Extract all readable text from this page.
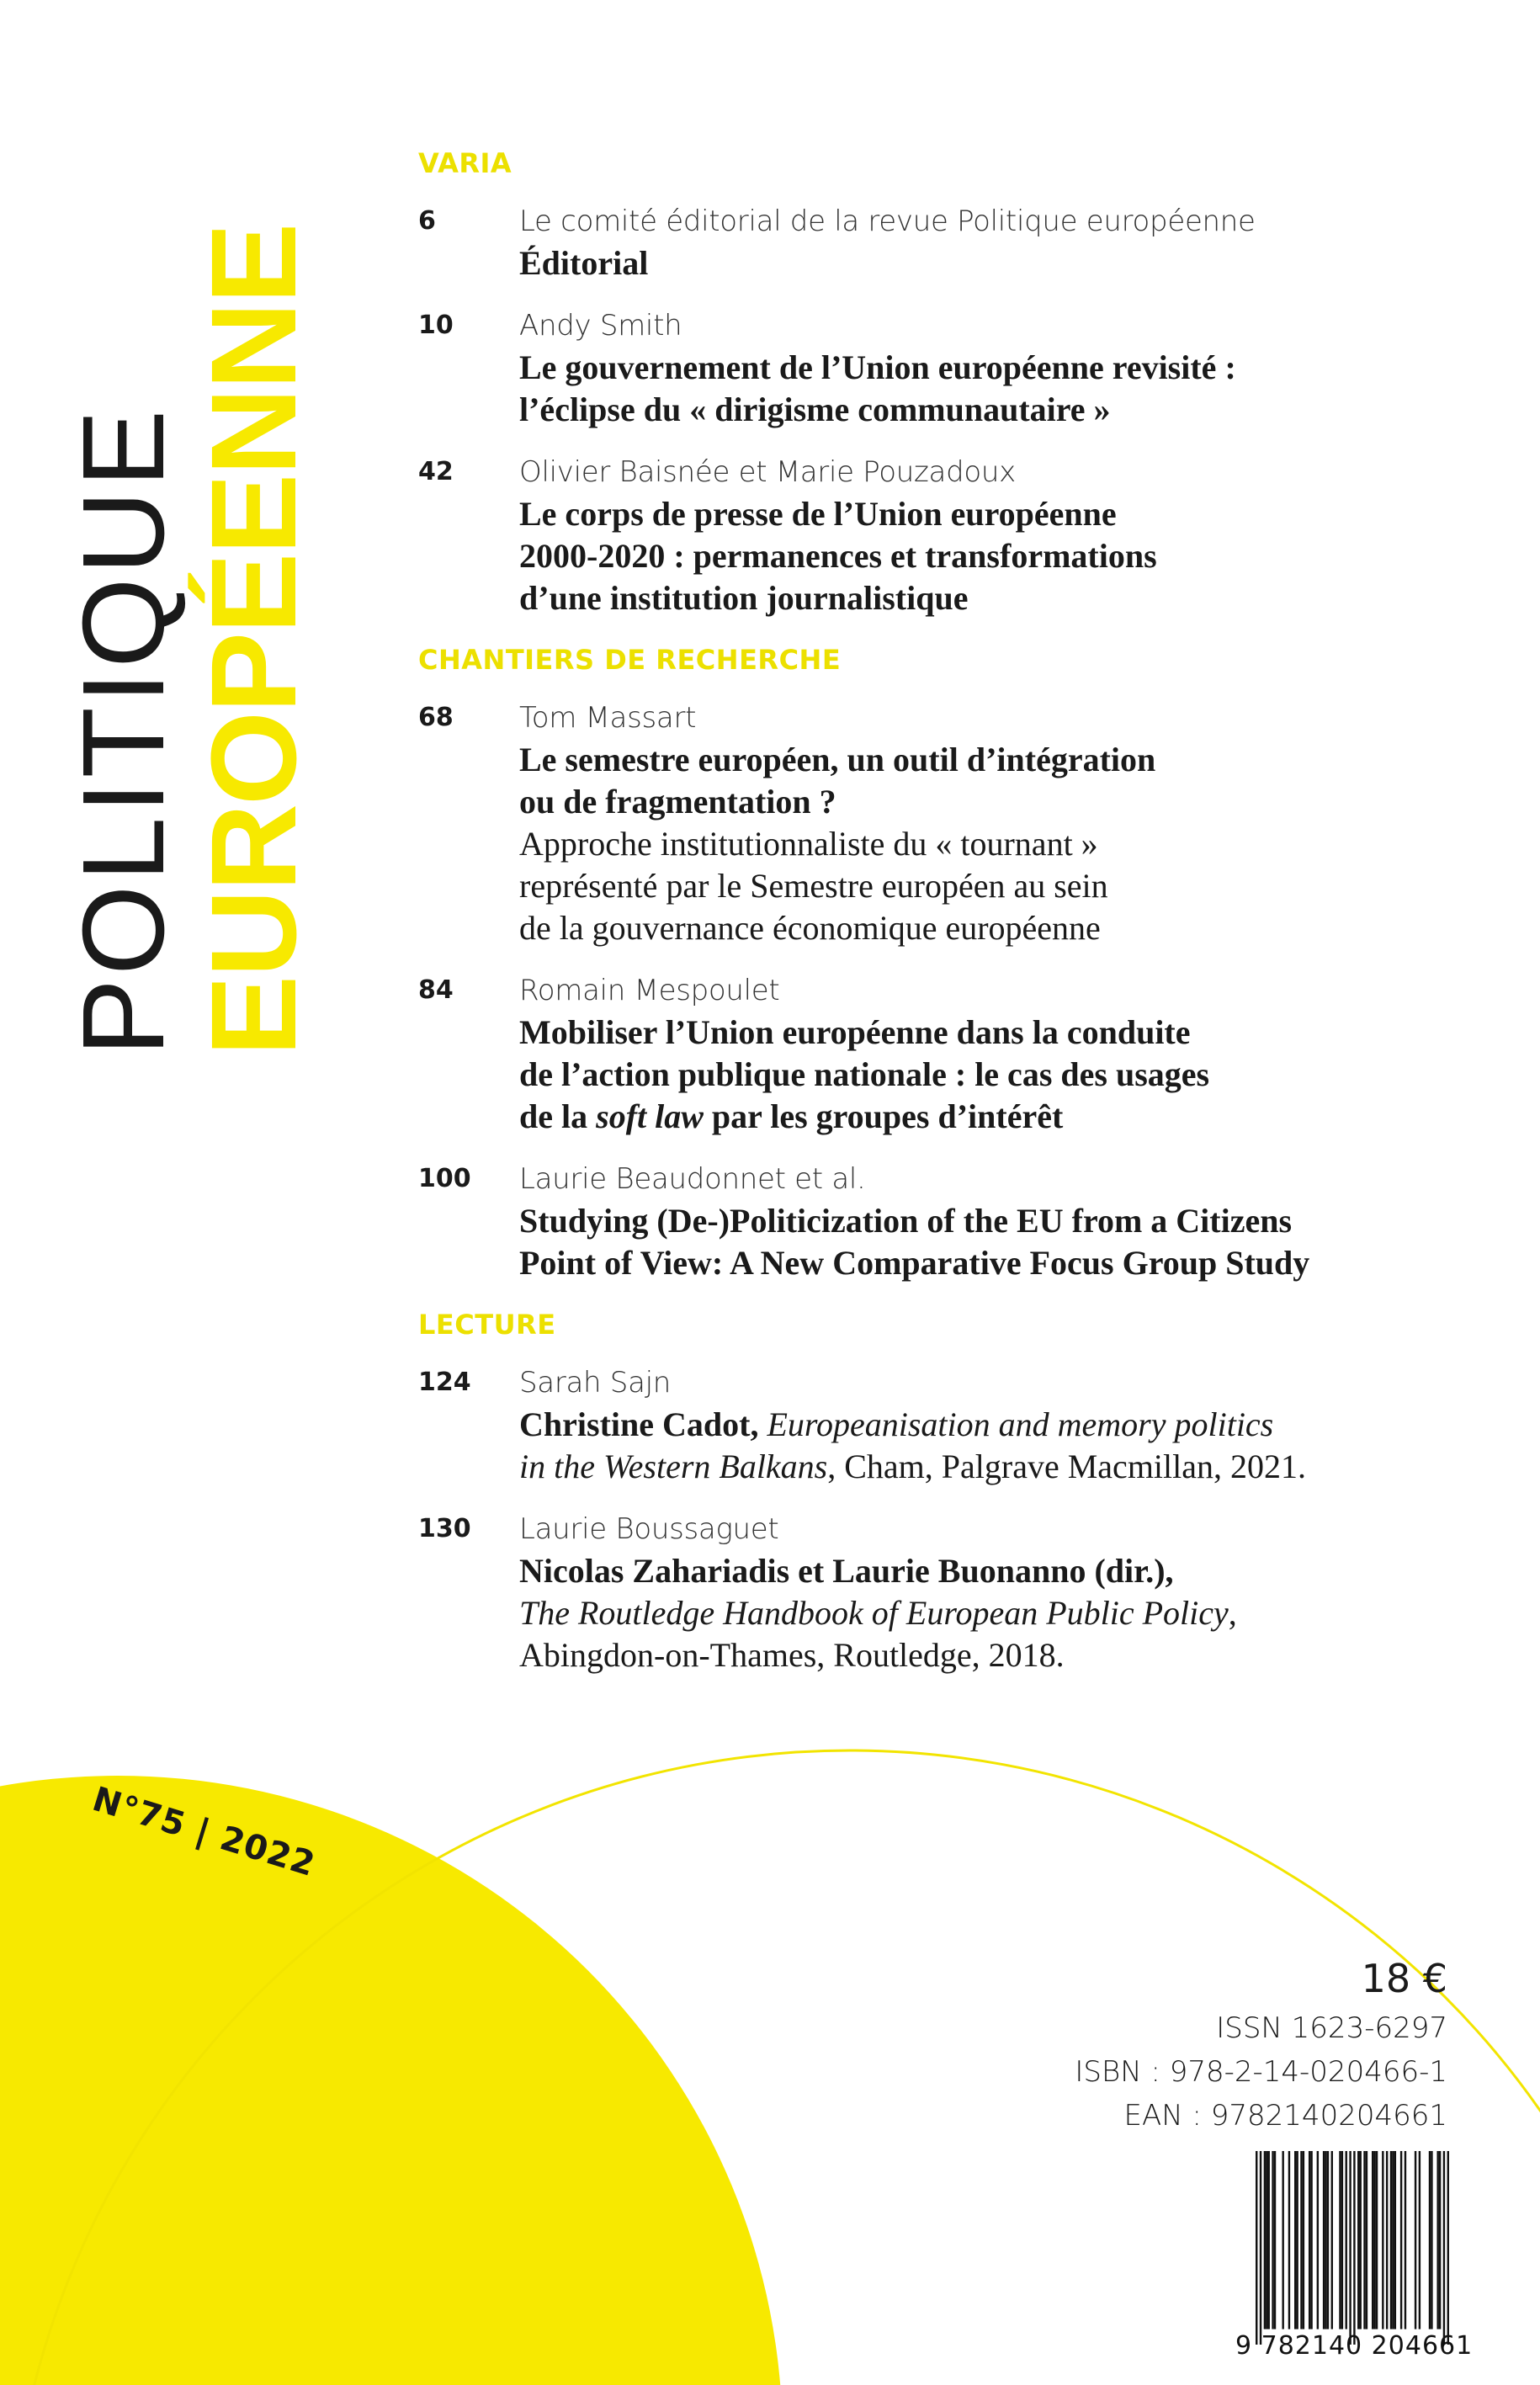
POLITIQUE
EUROPÉENNE
VARIA
6	Le comité éditorial de la revue Politique européenne
Éditorial
10 Andy Smith
Le gouvernement de l’Union européenne revisité :
l’éclipse du « dirigisme communautaire »
42 Olivier Baisnée et Marie Pouzadoux
Le corps de presse de l’Union européenne
2000-2020 : permanences et transformations
d’une institution journalistique
CHANTIERS DE RECHERCHE
68 Tom Massart
Le semestre européen, un outil d’intégration
ou de fragmentation ?
Approche institutionnaliste du « tournant »
représenté par le Semestre européen au sein
de la gouvernance économique européenne
84 Romain Mespoulet
Mobiliser l’Union européenne dans la conduite
de l’action publique nationale : le cas des usages
de la soft law par les groupes d’intérêt
100 Laurie Beaudonnet et al.
Studying (De-)Politicization of the EU from a Citizens
Point of View: A New Comparative Focus Group Study
LECTURE
124 Sarah Sajn
Christine Cadot, Europeanisation and memory politics
in the Western Balkans, Cham, Palgrave Macmillan, 2021.
130 Laurie Boussaguet
Nicolas Zahariadis et Laurie Buonanno (dir.),
The Routledge Handbook of European Public Policy,
Abingdon-on-Thames, Routledge, 2018.
N°75 | 2022
18 €
ISSN 1623-6297
ISBN : 978-2-14-020466-1
EAN : 9782140204661
9 782140 204661
